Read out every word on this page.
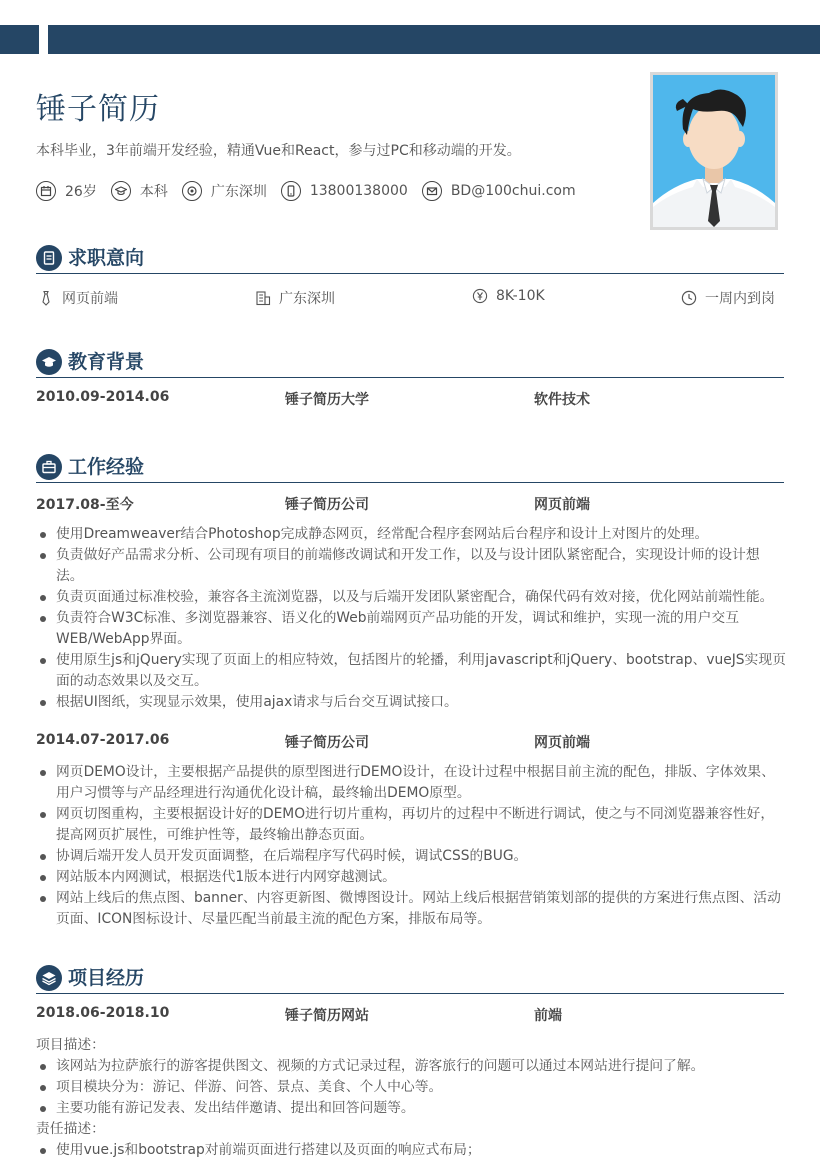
锤子简历
本科毕业，3年前端开发经验，精通Vue和React，参与过PC和移动端的开发。
26岁	本科	广东深圳	13800138000	BD@100chui.com
求职意向
网页前端	广东深圳	8K-10K	一周内到岗
教育背景
2010.09-2014.06	锤子简历大学	软件技术
工作经验
2017.08-至今	锤子简历公司	网页前端
使用Dreamweaver结合Photoshop完成静态网页，经常配合程序套网站后台程序和设计上对图片的处理。
负责做好产品需求分析、公司现有项目的前端修改调试和开发工作，以及与设计团队紧密配合，实现设计师的设计想法。
负责页面通过标准校验，兼容各主流浏览器，以及与后端开发团队紧密配合，确保代码有效对接，优化网站前端性能。
负责符合W3C标准、多浏览器兼容、语义化的Web前端网页产品功能的开发，调试和维护，实现一流的用户交互WEB/WebApp界面。
使用原生js和jQuery实现了页面上的相应特效，包括图片的轮播，利用javascript和jQuery、bootstrap、vueJS实现页面的动态效果以及交互。
根据UI图纸，实现显示效果，使用ajax请求与后台交互调试接口。
2014.07-2017.06	锤子简历公司	网页前端
网页DEMO设计，主要根据产品提供的原型图进行DEMO设计，在设计过程中根据目前主流的配色，排版、字体效果、用户习惯等与产品经理进行沟通优化设计稿，最终输出DEMO原型。
网页切图重构，主要根据设计好的DEMO进行切片重构，再切片的过程中不断进行调试，使之与不同浏览器兼容性好，提高网页扩展性，可维护性等，最终输出静态页面。
协调后端开发人员开发页面调整，在后端程序写代码时候，调试CSS的BUG。
网站版本内网测试，根据迭代1版本进行内网穿越测试。
网站上线后的焦点图、banner、内容更新图、微博图设计。网站上线后根据营销策划部的提供的方案进行焦点图、活动页面、ICON图标设计、尽量匹配当前最主流的配色方案，排版布局等。
项目经历
2018.06-2018.10	锤子简历网站	前端
项目描述：
该网站为拉萨旅行的游客提供图文、视频的方式记录过程，游客旅行的问题可以通过本网站进行提问了解。
项目模块分为：游记、伴游、问答、景点、美食、个人中心等。
主要功能有游记发表、发出结伴邀请、提出和回答问题等。
责任描述：
使用vue.js和bootstrap对前端页面进行搭建以及页面的响应式布局；
